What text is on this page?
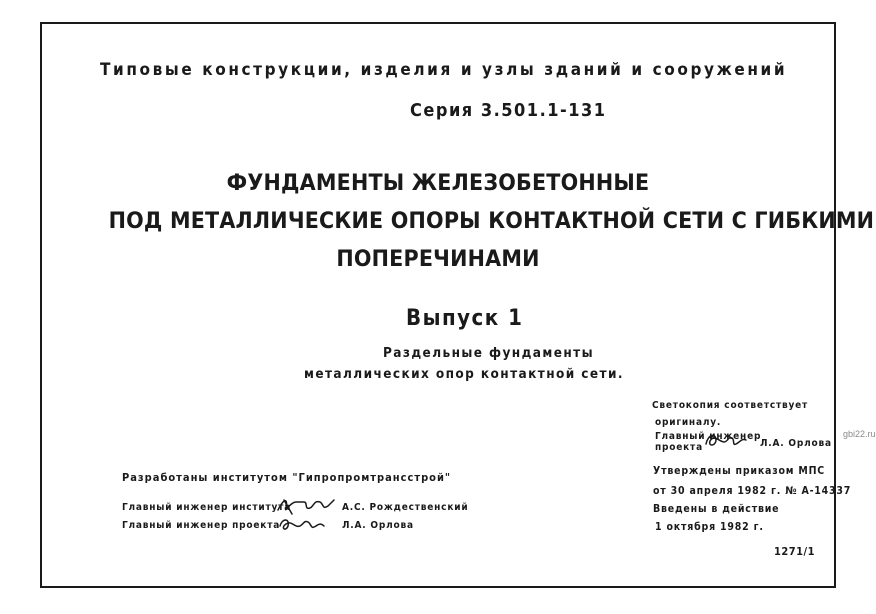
Типовые конструкции, изделия и узлы зданий и сооружений
Серия 3.501.1-131
ФУНДАМЕНТЫ ЖЕЛЕЗОБЕТОННЫЕ
ПОД МЕТАЛЛИЧЕСКИЕ ОПОРЫ КОНТАКТНОЙ СЕТИ С ГИБКИМИ
ПОПЕРЕЧИНАМИ
Выпуск 1
Раздельные фундаменты
металлических опор контактной сети.
Светокопия соответствует
оригиналу.
Главный инженер
проекта	Л.А. Орлова
Утверждены приказом МПС
от 30 апреля 1982 г. № А-14337
Введены в действие
1 октября 1982 г.
Разработаны институтом "Гипропромтрансстрой"
Главный инженер института	А.С. Рождественский
Главный инженер проекта	Л.А. Орлова
1271/1
gbi22.ru
